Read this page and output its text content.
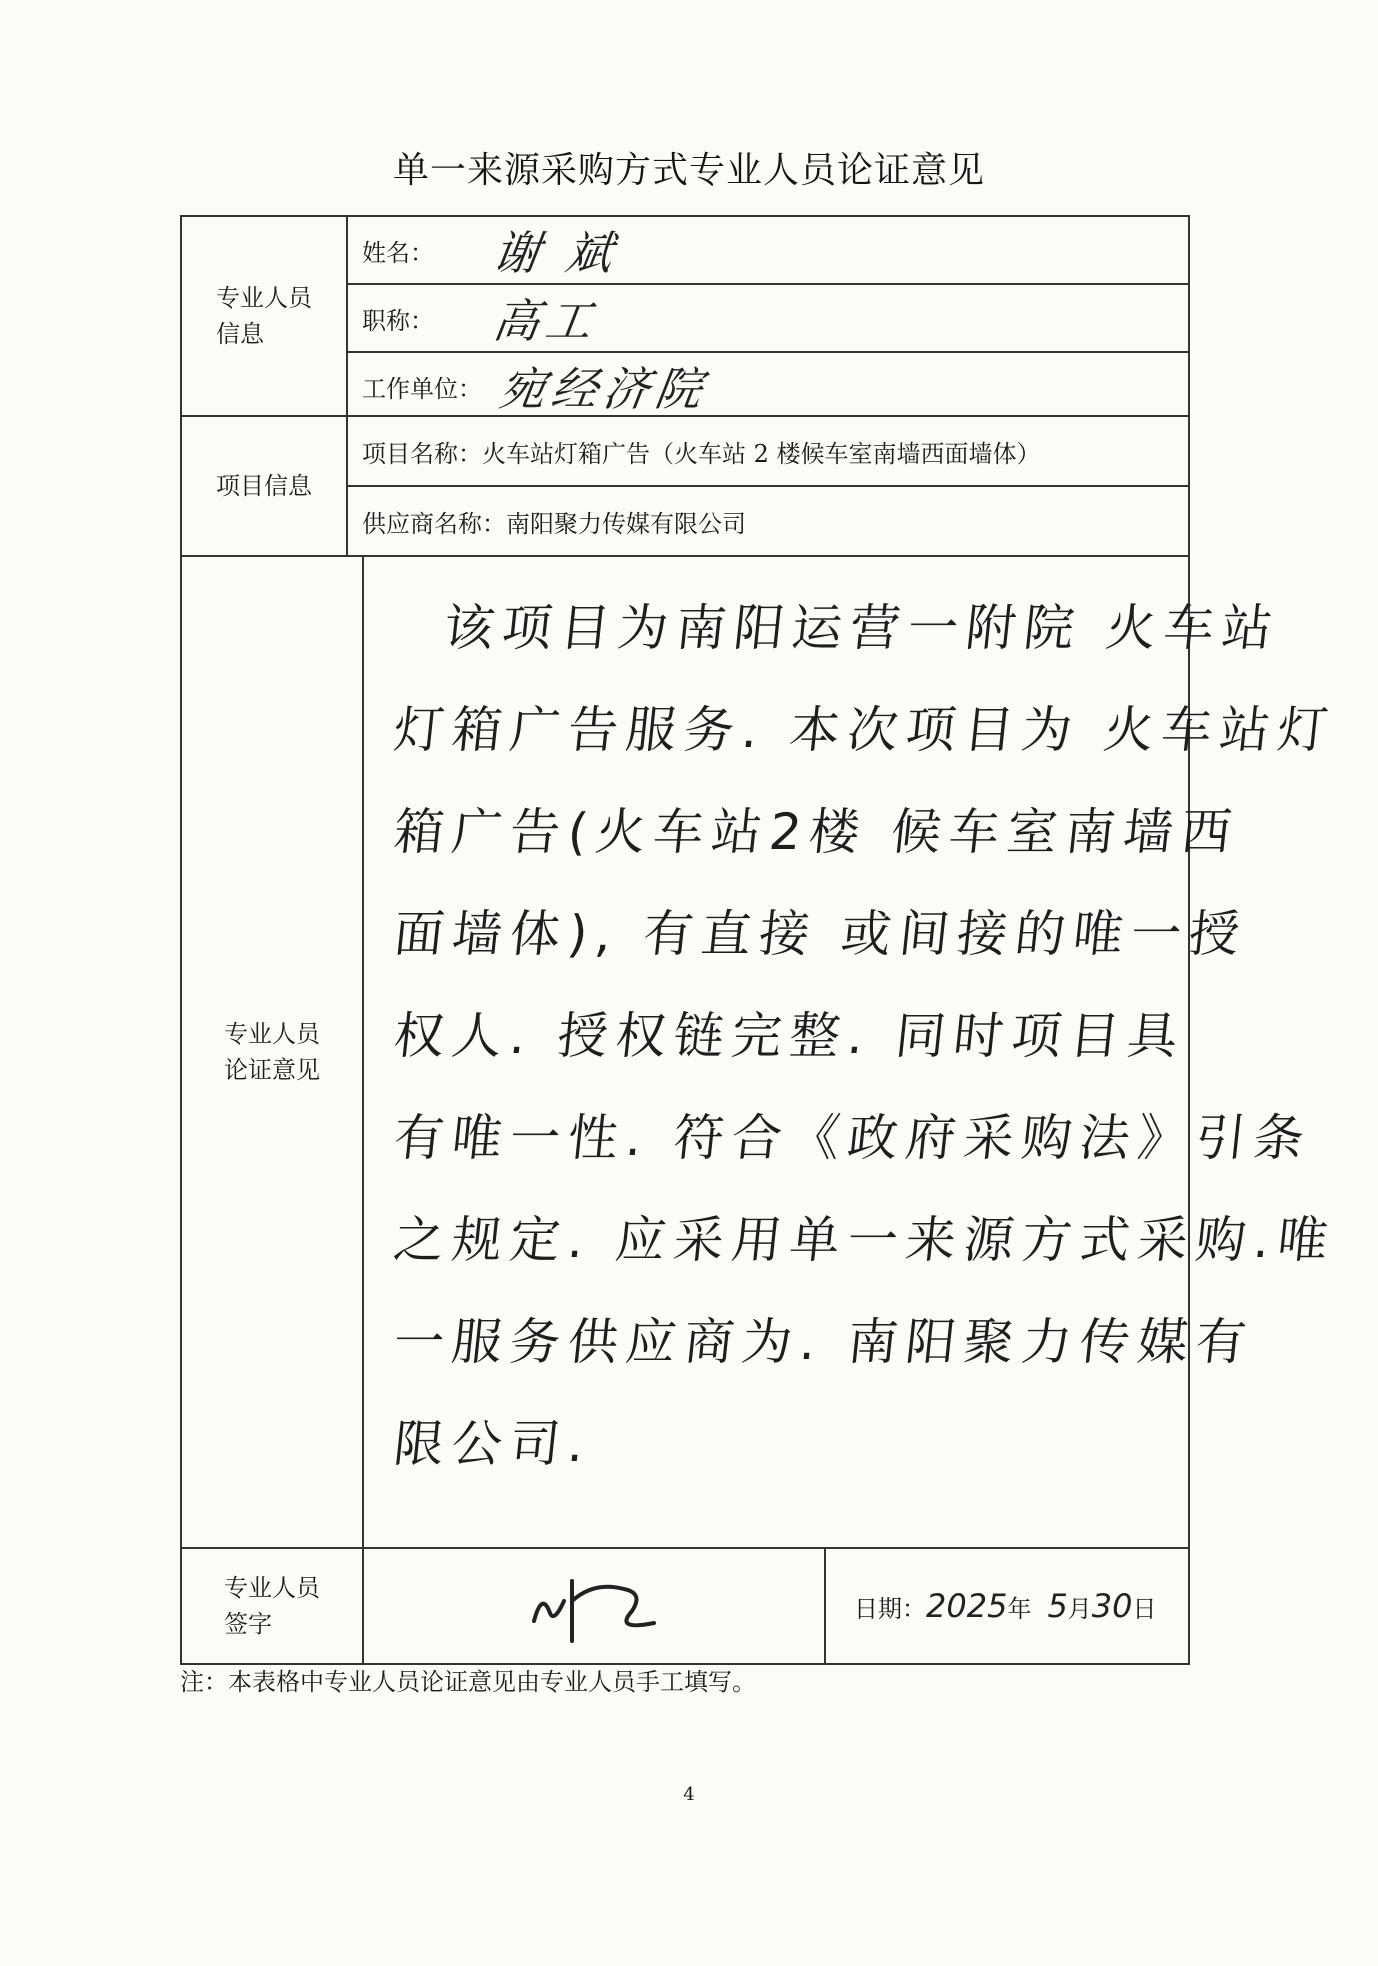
单一来源采购方式专业人员论证意见
专业人员
信息
姓名： 谢 斌
职称： 高工
工作单位： 宛经济院
项目信息
项目名称： 火车站灯箱广告（火车站 2 楼候车室南墙西面墙体）
供应商名称： 南阳聚力传媒有限公司
专业人员
论证意见
该项目为南阳运营一附院 火车站
灯箱广告服务. 本次项目为 火车站灯
箱广告(火车站2楼 候车室南墙西
面墙体), 有直接 或间接的唯一授
权人. 授权链完整. 同时项目具
有唯一性. 符合《政府采购法》引条
之规定. 应采用单一来源方式采购.唯
一服务供应商为. 南阳聚力传媒有
限公司.
专业人员
签字
日期： 2025 年 5 月 30 日
注：本表格中专业人员论证意见由专业人员手工填写。
4
